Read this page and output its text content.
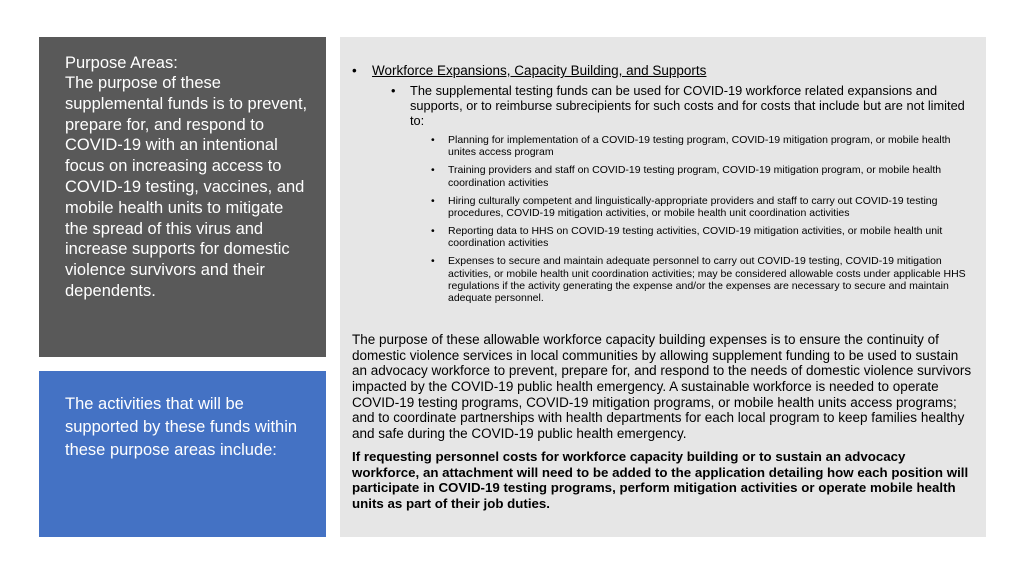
Purpose Areas:
The purpose of these supplemental funds is to prevent, prepare for, and respond to COVID-19 with an intentional focus on increasing access to COVID-19 testing, vaccines, and mobile health units to mitigate the spread of this virus and increase supports for domestic violence survivors and their dependents.
The activities that will be supported by these funds within these purpose areas include:
• Workforce Expansions, Capacity Building, and Supports
• The supplemental testing funds can be used for COVID-19 workforce related expansions and supports, or to reimburse subrecipients for such costs and for costs that include but are not limited to:
• Planning for implementation of a COVID-19 testing program, COVID-19 mitigation program, or mobile health unites access program
• Training providers and staff on COVID-19 testing program, COVID-19 mitigation program, or mobile health coordination activities
• Hiring culturally competent and linguistically-appropriate providers and staff to carry out COVID-19 testing procedures, COVID-19 mitigation activities, or mobile health unit coordination activities
• Reporting data to HHS on COVID-19 testing activities, COVID-19 mitigation activities, or mobile health unit coordination activities
• Expenses to secure and maintain adequate personnel to carry out COVID-19 testing, COVID-19 mitigation activities, or mobile health unit coordination activities; may be considered allowable costs under applicable HHS regulations if the activity generating the expense and/or the expenses are necessary to secure and maintain adequate personnel.

The purpose of these allowable workforce capacity building expenses is to ensure the continuity of domestic violence services in local communities by allowing supplement funding to be used to sustain an advocacy workforce to prevent, prepare for, and respond to the needs of domestic violence survivors impacted by the COVID-19 public health emergency. A sustainable workforce is needed to operate COVID-19 testing programs, COVID-19 mitigation programs, or mobile health units access programs; and to coordinate partnerships with health departments for each local program to keep families healthy and safe during the COVID-19 public health emergency.

If requesting personnel costs for workforce capacity building or to sustain an advocacy workforce, an attachment will need to be added to the application detailing how each position will participate in COVID-19 testing programs, perform mitigation activities or operate mobile health units as part of their job duties.
